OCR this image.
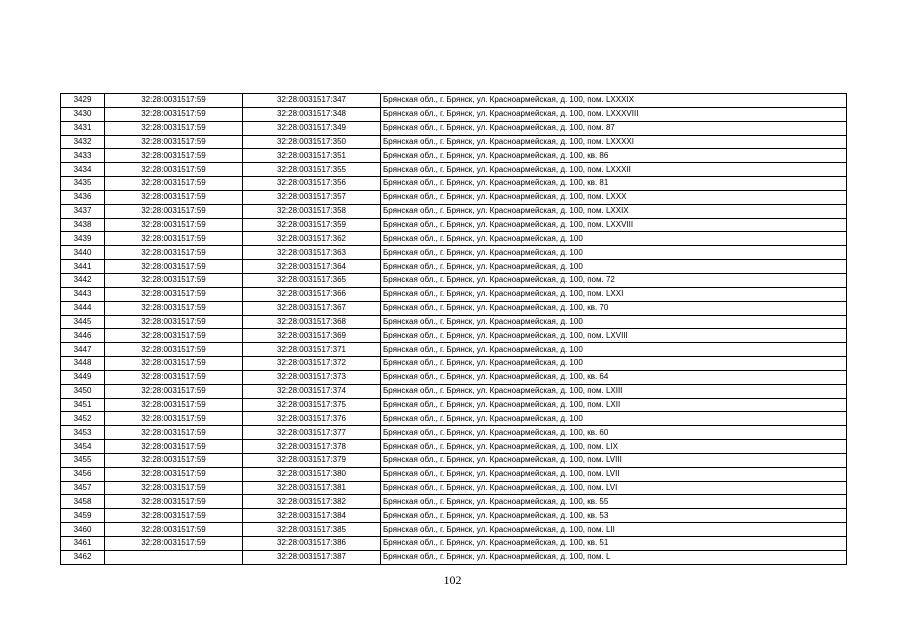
3429	32:28:0031517:59	32:28:0031517:347	Брянская обл., г. Брянск, ул. Красноармейская, д. 100, пом. LXXXIX
3430	32:28:0031517:59	32:28:0031517:348	Брянская обл., г. Брянск, ул. Красноармейская, д. 100, пом. LXXXVIII
3431	32:28:0031517:59	32:28:0031517:349	Брянская обл., г. Брянск, ул. Красноармейская, д. 100, пом. 87
3432	32:28:0031517:59	32:28:0031517:350	Брянская обл., г. Брянск, ул. Красноармейская, д. 100, пом. LXXXXI
3433	32:28:0031517:59	32:28:0031517:351	Брянская обл., г. Брянск, ул. Красноармейская, д. 100, кв. 86
3434	32:28:0031517:59	32:28:0031517:355	Брянская обл., г. Брянск, ул. Красноармейская, д. 100, пом. LXXXII
3435	32:28:0031517:59	32:28:0031517:356	Брянская обл., г. Брянск, ул. Красноармейская, д. 100, кв. 81
3436	32:28:0031517:59	32:28:0031517:357	Брянская обл., г. Брянск, ул. Красноармейская, д. 100, пом. LXXX
3437	32:28:0031517:59	32:28:0031517:358	Брянская обл., г. Брянск, ул. Красноармейская, д. 100, пом. LXXIX
3438	32:28:0031517:59	32:28:0031517:359	Брянская обл., г. Брянск, ул. Красноармейская, д. 100, пом. LXXVIII
3439	32:28:0031517:59	32:28:0031517:362	Брянская обл., г. Брянск, ул. Красноармейская, д. 100
3440	32:28:0031517:59	32:28:0031517:363	Брянская обл., г. Брянск, ул. Красноармейская, д. 100
3441	32:28:0031517:59	32:28:0031517:364	Брянская обл., г. Брянск, ул. Красноармейская, д. 100
3442	32:28:0031517:59	32:28:0031517:365	Брянская обл., г. Брянск, ул. Красноармейская, д. 100, пом. 72
3443	32:28:0031517:59	32:28:0031517:366	Брянская обл., г. Брянск, ул. Красноармейская, д. 100, пом. LXXI
3444	32:28:0031517:59	32:28:0031517:367	Брянская обл., г. Брянск, ул. Красноармейская, д. 100, кв. 70
3445	32:28:0031517:59	32:28:0031517:368	Брянская обл., г. Брянск, ул. Красноармейская, д. 100
3446	32:28:0031517:59	32:28:0031517:369	Брянская обл., г. Брянск, ул. Красноармейская, д. 100, пом. LXVIII
3447	32:28:0031517:59	32:28:0031517:371	Брянская обл., г. Брянск, ул. Красноармейская, д. 100
3448	32:28:0031517:59	32:28:0031517:372	Брянская обл., г. Брянск, ул. Красноармейская, д. 100
3449	32:28:0031517:59	32:28:0031517:373	Брянская обл., г. Брянск, ул. Красноармейская, д. 100, кв. 64
3450	32:28:0031517:59	32:28:0031517:374	Брянская обл., г. Брянск, ул. Красноармейская, д. 100, пом. LXIII
3451	32:28:0031517:59	32:28:0031517:375	Брянская обл., г. Брянск, ул. Красноармейская, д. 100, пом. LXII
3452	32:28:0031517:59	32:28:0031517:376	Брянская обл., г. Брянск, ул. Красноармейская, д. 100
3453	32:28:0031517:59	32:28:0031517:377	Брянская обл., г. Брянск, ул. Красноармейская, д. 100, кв. 60
3454	32:28:0031517:59	32:28:0031517:378	Брянская обл., г. Брянск, ул. Красноармейская, д. 100, пом. LIX
3455	32:28:0031517:59	32:28:0031517:379	Брянская обл., г. Брянск, ул. Красноармейская, д. 100, пом. LVIII
3456	32:28:0031517:59	32:28:0031517:380	Брянская обл., г. Брянск, ул. Красноармейская, д. 100, пом. LVII
3457	32:28:0031517:59	32:28:0031517:381	Брянская обл., г. Брянск, ул. Красноармейская, д. 100, пом. LVI
3458	32:28:0031517:59	32:28:0031517:382	Брянская обл., г. Брянск, ул. Красноармейская, д. 100, кв. 55
3459	32:28:0031517:59	32:28:0031517:384	Брянская обл., г. Брянск, ул. Красноармейская, д. 100, кв. 53
3460	32:28:0031517:59	32:28:0031517:385	Брянская обл., г. Брянск, ул. Красноармейская, д. 100, пом. LII
3461	32:28:0031517:59	32:28:0031517:386	Брянская обл., г. Брянск, ул. Красноармейская, д. 100, кв. 51
3462		32:28:0031517:387	Брянская обл., г. Брянск, ул. Красноармейская, д. 100, пом. L
102
